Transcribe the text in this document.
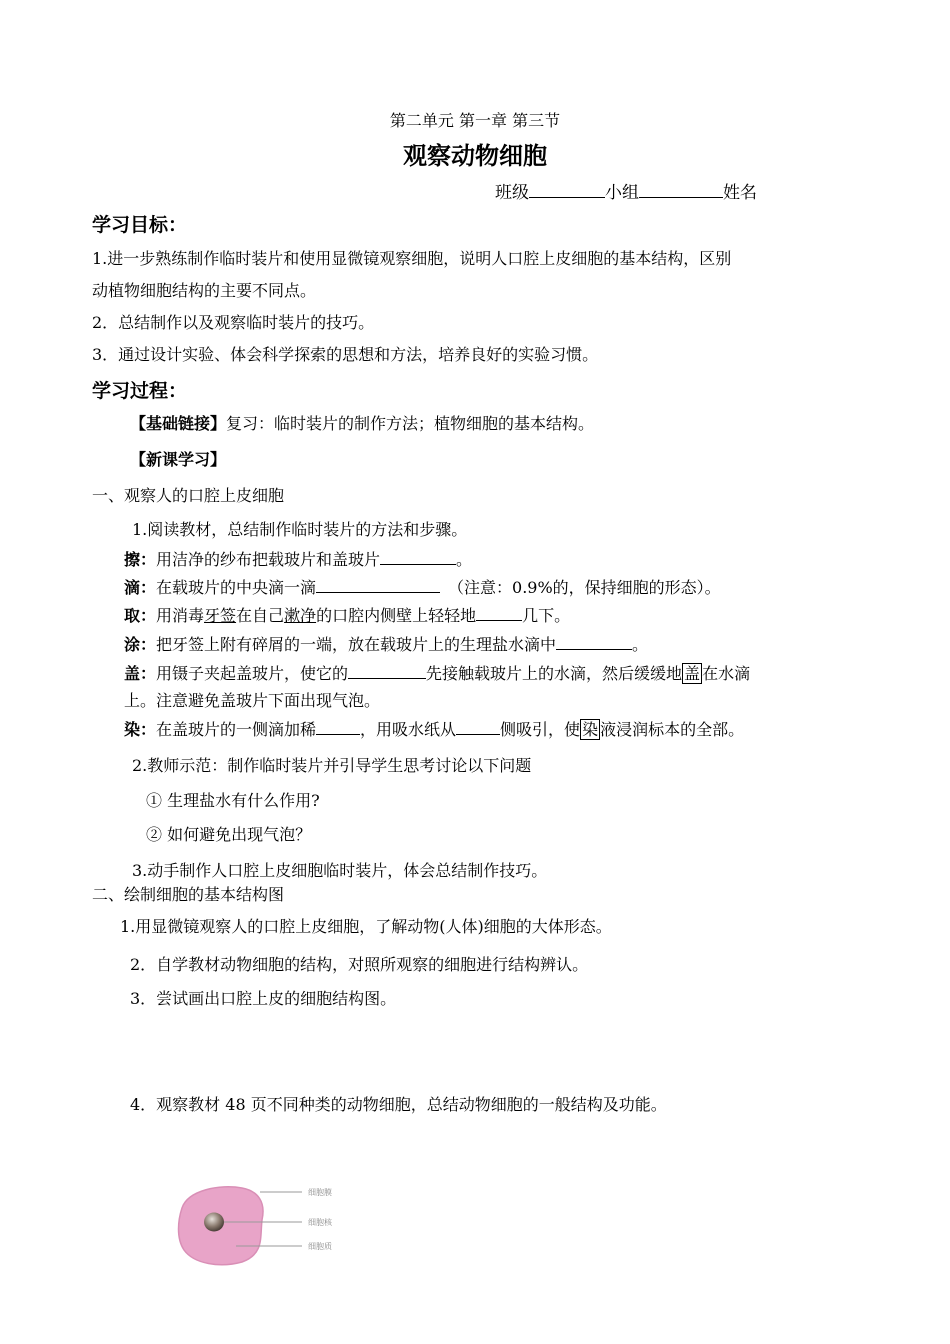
第二单元 第一章 第三节
观察动物细胞
班级	小组	姓名
学习目标：
1.进一步熟练制作临时装片和使用显微镜观察细胞，说明人口腔上皮细胞的基本结构，区别
动植物细胞结构的主要不同点。
2．总结制作以及观察临时装片的技巧。
3．通过设计实验、体会科学探索的思想和方法，培养良好的实验习惯。
学习过程：
【基础链接】复习：临时装片的制作方法；植物细胞的基本结构。
【新课学习】
一、观察人的口腔上皮细胞
1.阅读教材，总结制作临时装片的方法和步骤。
擦：用洁净的纱布把载玻片和盖玻片	。
滴：在载玻片的中央滴一滴	（注意：0.9%的，保持细胞的形态）。
取：用消毒牙签在自己漱净的口腔内侧壁上轻轻地	几下。
涂：把牙签上附有碎屑的一端，放在载玻片上的生理盐水滴中	。
盖：用镊子夹起盖玻片，使它的	先接触载玻片上的水滴，然后缓缓地 盖 在水滴
上。注意避免盖玻片下面出现气泡。
染：在盖玻片的一侧滴加稀	，用吸水纸从	侧吸引，使 染 液浸润标本的全部。
2.教师示范：制作临时装片并引导学生思考讨论以下问题
① 生理盐水有什么作用?
② 如何避免出现气泡？
3.动手制作人口腔上皮细胞临时装片，体会总结制作技巧。
二、绘制细胞的基本结构图
1.用显微镜观察人的口腔上皮细胞，了解动物(人体)细胞的大体形态。
2．自学教材动物细胞的结构，对照所观察的细胞进行结构辨认。
3．尝试画出口腔上皮的细胞结构图。
4．观察教材 48 页不同种类的动物细胞，总结动物细胞的一般结构及功能。
细胞膜
细胞核
细胞质
